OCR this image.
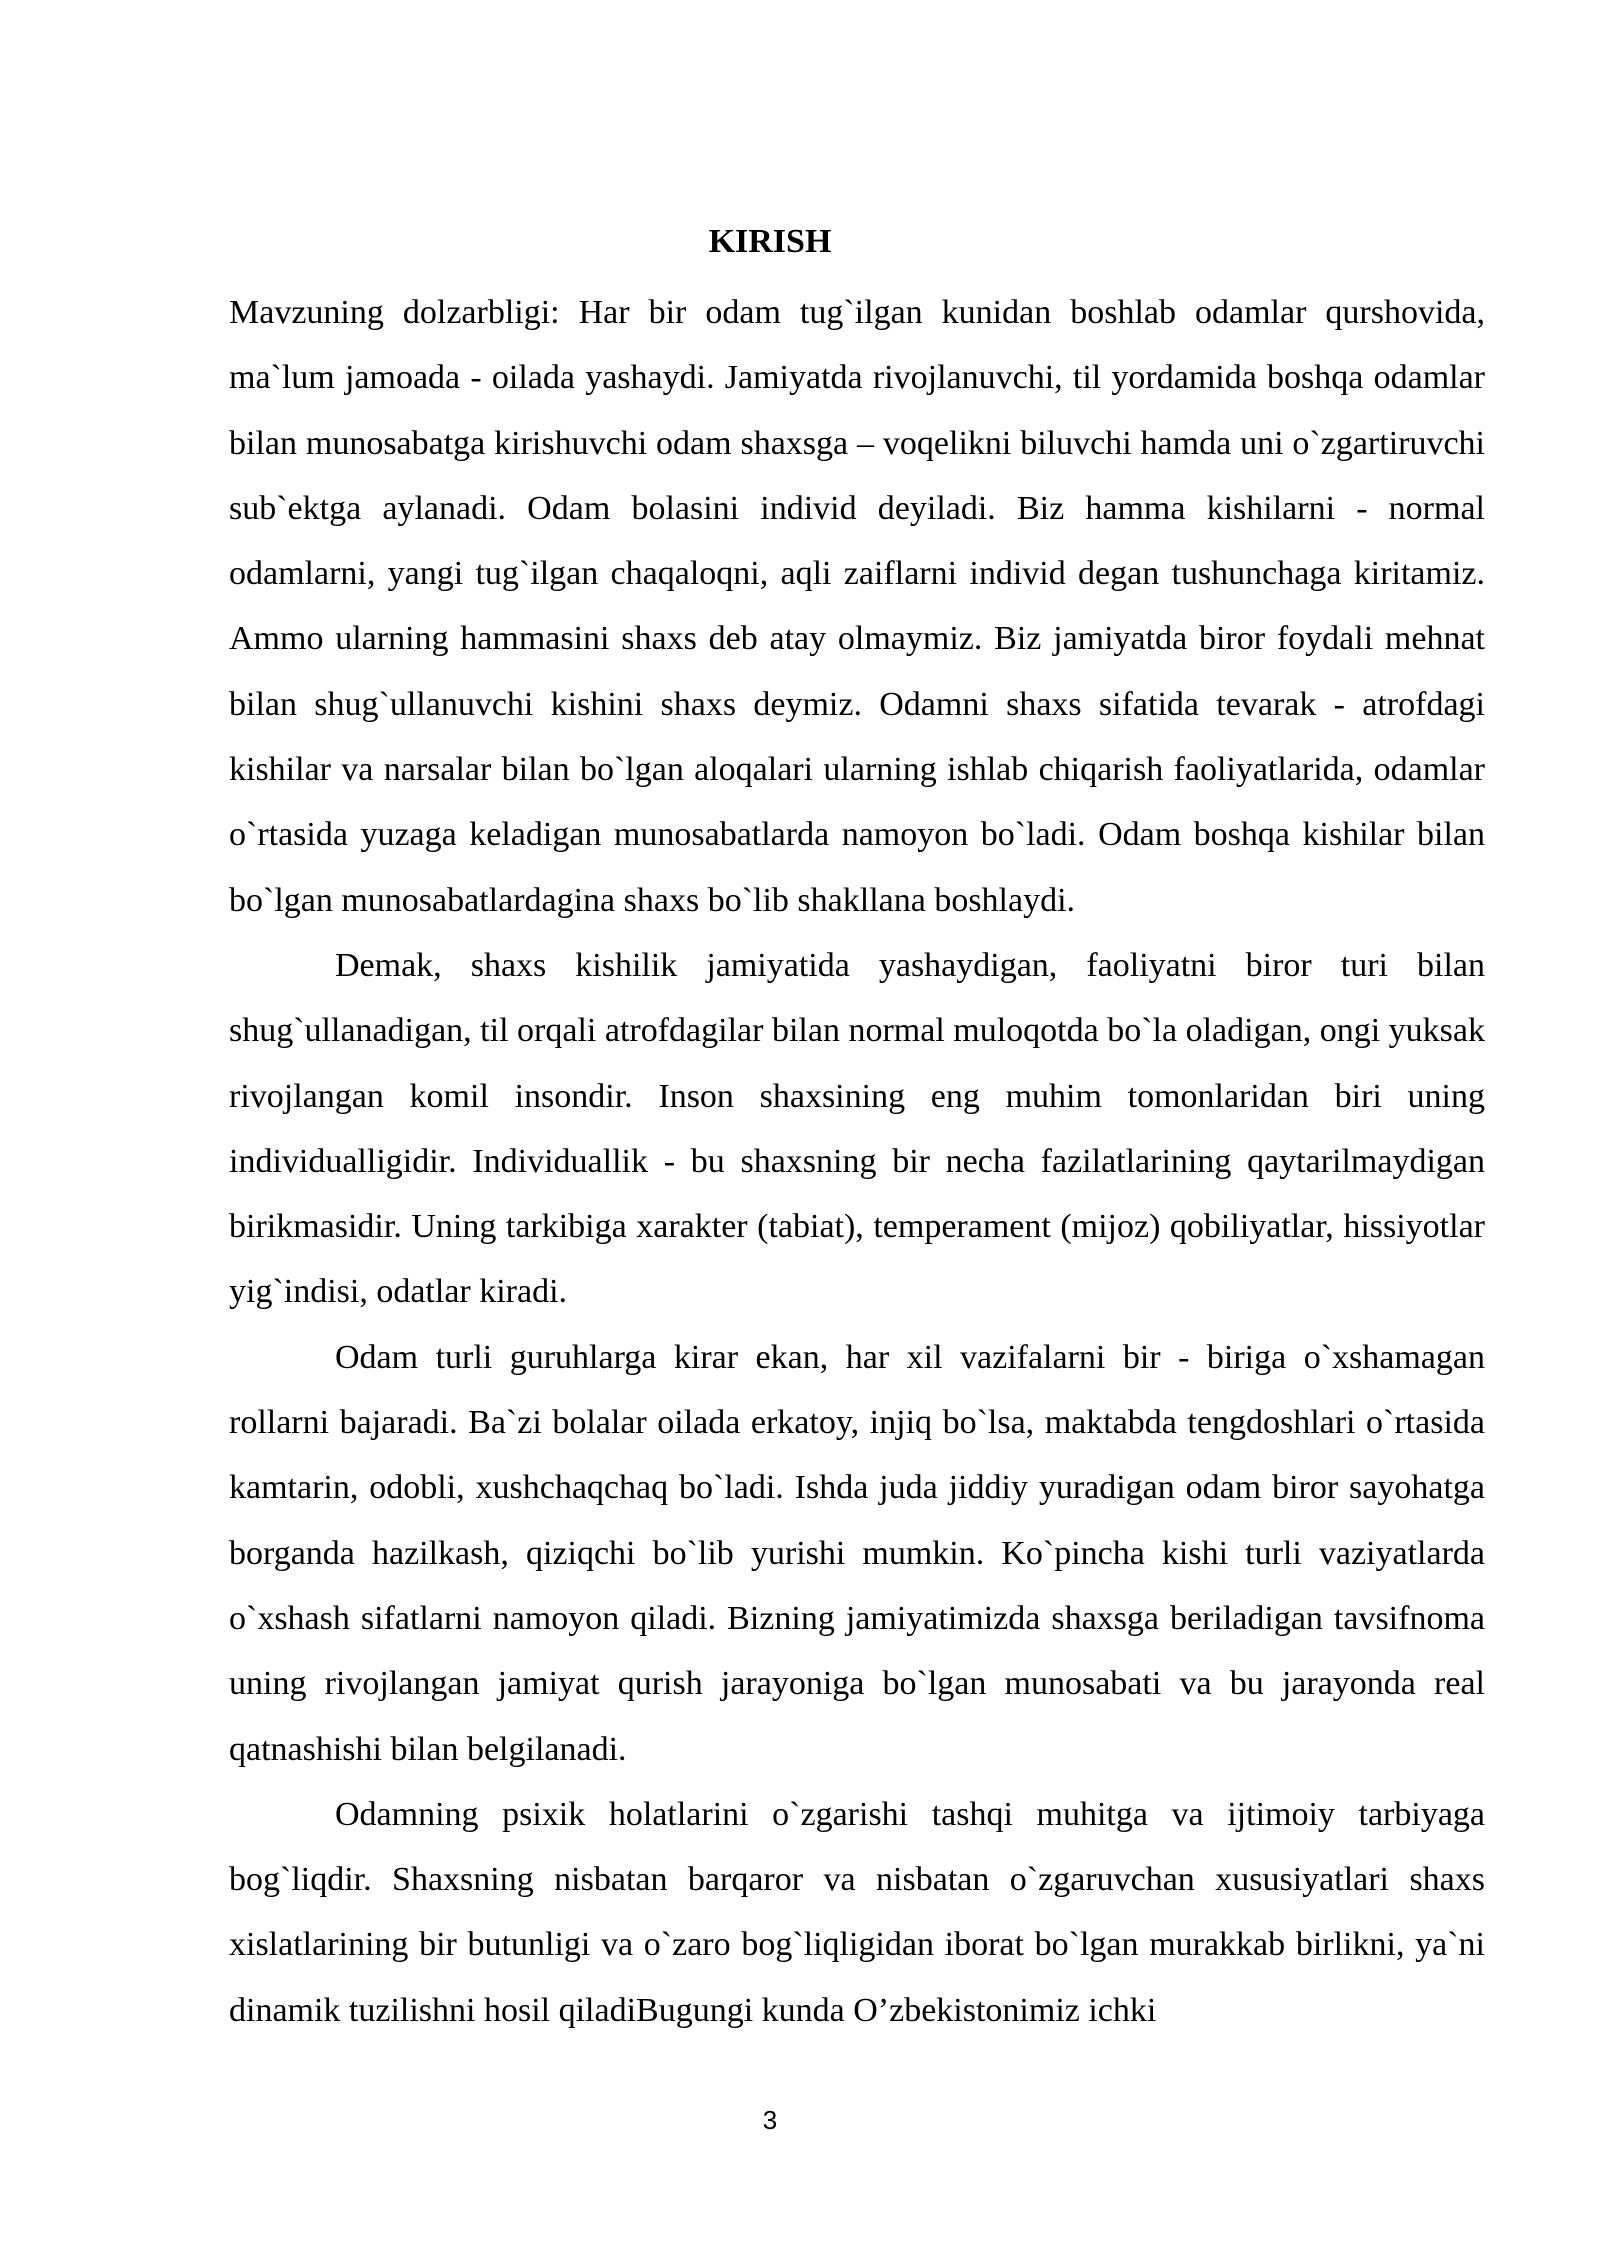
KIRISH

Mavzuning dolzarbligi: Har bir odam tug`ilgan kunidan boshlab odamlar qurshovida, ma`lum jamoada - oilada yashaydi. Jamiyatda rivojlanuvchi, til yordamida boshqa odamlar bilan munosabatga kirishuvchi odam shaxsga – voqelikni biluvchi hamda uni o`zgartiruvchi sub`ektga aylanadi. Odam bolasini individ deyiladi. Biz hamma kishilarni - normal odamlarni, yangi tug`ilgan chaqaloqni, aqli zaiflarni individ degan tushunchaga kiritamiz. Ammo ularning hammasini shaxs deb atay olmaymiz. Biz jamiyatda biror foydali mehnat bilan shug`ullanuvchi kishini shaxs deymiz. Odamni shaxs sifatida tevarak - atrofdagi kishilar va narsalar bilan bo`lgan aloqalari ularning ishlab chiqarish faoliyatlarida, odamlar o`rtasida yuzaga keladigan munosabatlarda namoyon bo`ladi. Odam boshqa kishilar bilan bo`lgan munosabatlardagina shaxs bo`lib shakllana boshlaydi.

Demak, shaxs kishilik jamiyatida yashaydigan, faoliyatni biror turi bilan shug`ullanadigan, til orqali atrofdagilar bilan normal muloqotda bo`la oladigan, ongi yuksak rivojlangan komil insondir. Inson shaxsining eng muhim tomonlaridan biri uning individualligidir. Individuallik - bu shaxsning bir necha fazilatlarining qaytarilmaydigan birikmasidir. Uning tarkibiga xarakter (tabiat), temperament (mijoz) qobiliyatlar, hissiyotlar yig`indisi, odatlar kiradi.

Odam turli guruhlarga kirar ekan, har xil vazifalarni bir - biriga o`xshamagan rollarni bajaradi. Ba`zi bolalar oilada erkatoy, injiq bo`lsa, maktabda tengdoshlari o`rtasida kamtarin, odobli, xushchaqchaq bo`ladi. Ishda juda jiddiy yuradigan odam biror sayohatga borganda hazilkash, qiziqchi bo`lib yurishi mumkin. Ko`pincha kishi turli vaziyatlarda o`xshash sifatlarni namoyon qiladi. Bizning jamiyatimizda shaxsga beriladigan tavsifnoma uning rivojlangan jamiyat qurish jarayoniga bo`lgan munosabati va bu jarayonda real qatnashishi bilan belgilanadi.

Odamning psixik holatlarini o`zgarishi tashqi muhitga va ijtimoiy tarbiyaga bog`liqdir. Shaxsning nisbatan barqaror va nisbatan o`zgaruvchan xususiyatlari shaxs xislatlarining bir butunligi va o`zaro bog`liqligidan iborat bo`lgan murakkab birlikni, ya`ni dinamik tuzilishni hosil qiladiBugungi kunda O’zbekistonimiz ichki

3
